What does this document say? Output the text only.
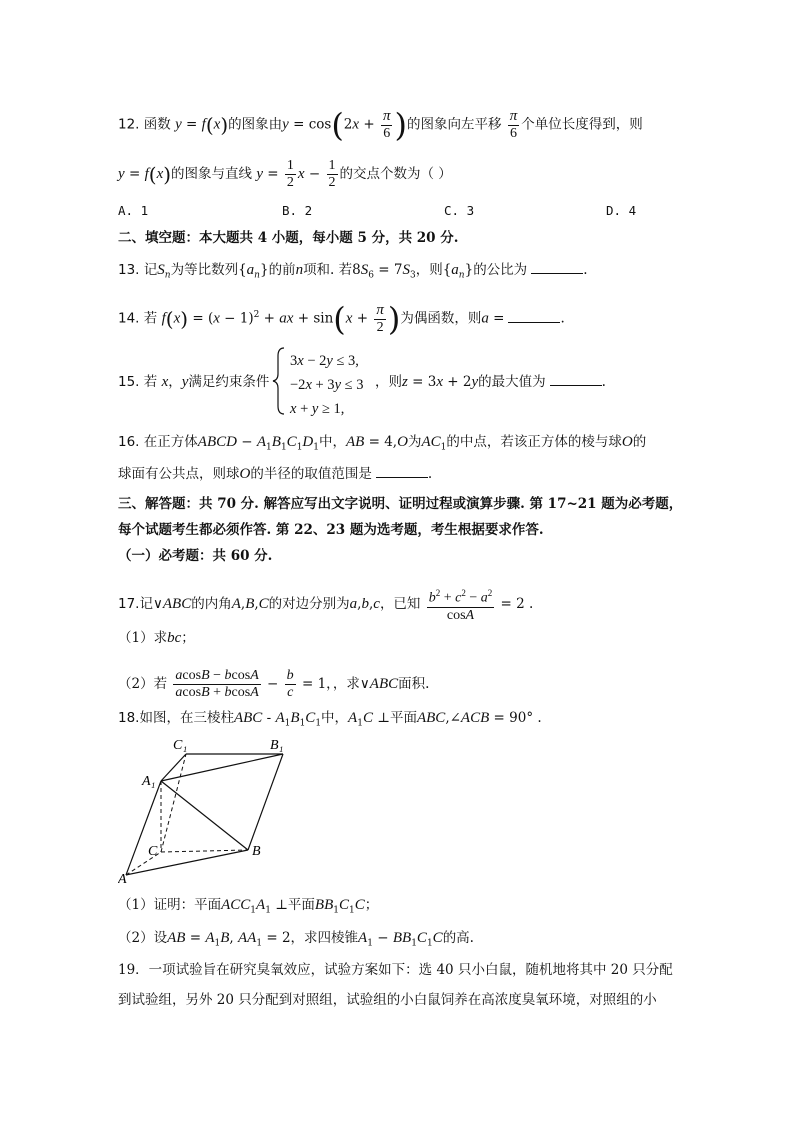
12. 函数 y = f(x)的图象由$y = \cos(2x + \frac{\pi}{6}$ )的图象向左平移 $\frac{\pi}{6}$ 个单位长度得到，则
y = f(x)的图象与直线 $y = \frac{1}{2}$ $x - \frac{1}{2}$ 的交点个数为（ ）
A. 1	B. 2	C. 3	D. 4
二、填空题：本大题共 4 小题，每小题 5 分，共 20 分.
13. 记$S_n$为等比数列$\{a_n\}$的前n项和. 若$8S_6 = 7S_3$，则$\{a_n\}$的公比为	.
14. 若 $f(x) = (x - 1)^2$ + ax + $\sin(x + \frac{\pi}{2}$ )为偶函数，则a =	.
15. 若 x，y满足约束条件
3x − 2y ≤ 3,
−2x + 3y ≤ 3
x + y ≥ 1,
，则z = 3x + 2y的最大值为	.
16. 在正方体ABCD − $A_1B_1C_1D_1$中，AB = 4,O为$AC_1$的中点，若该正方体的棱与球O的
球面有公共点，则球O的半径的取值范围是	.
三、解答题：共 70 分. 解答应写出文字说明、证明过程或演算步骤. 第 17~21 题为必考题，
每个试题考生都必须作答. 第 22、23 题为选考题，考生根据要求作答.
（一）必考题：共 60 分.
17.记∨ABC的内角A,B,C的对边分别为a,b,c，已知 $\frac{b^2 + c^2 - a^2}{\cos A} = 2$ .
（1）求bc；
（2）若 $\frac{acosB - bcosA}{acosB + bcosA} - \frac{b}{c} = 1$，，求∨ABC面积.
18.如图，在三棱柱ABC - $A_1B_1C_1$中，$A_1C$ ⊥平面ABC,∠ACB = 90° .
C₁	B₁
A₁
C	B
A
（1）证明：平面$ACC_1A_1$ ⊥平面$BB_1C_1C$；
（2）设AB = $A_1B$, $AA_1 = 2$，求四棱锥$A_1 - BB_1C_1C$的高.
19．一项试验旨在研究臭氧效应，试验方案如下：选 40 只小白鼠，随机地将其中 20 只分配
到试验组，另外 20 只分配到对照组，试验组的小白鼠饲养在高浓度臭氧环境，对照组的小
